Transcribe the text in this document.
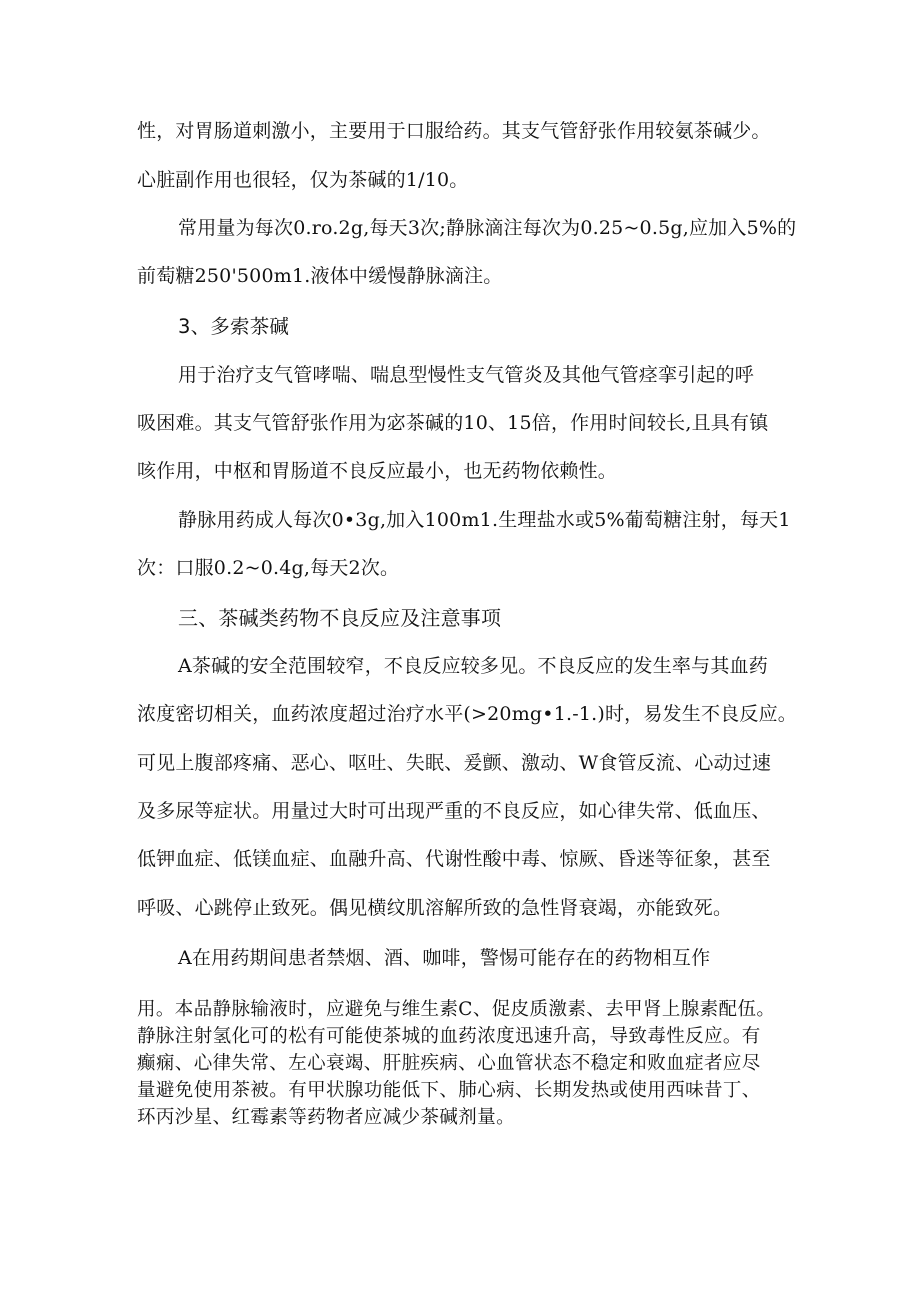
性，对胃肠道刺激小，主要用于口服给药。其支气管舒张作用较氨茶碱少。
心脏副作用也很轻，仅为茶碱的1/10。
常用量为每次0.ro.2g,每天3次;静脉滴注每次为0.25~0.5g,应加入5%的
前萄糖250'500m1.液体中缓慢静脉滴注。
3、多索茶碱
用于治疗支气管哮喘、喘息型慢性支气管炎及其他气管痉挛引起的呼
吸困难。其支气管舒张作用为宓茶碱的10、15倍，作用时间较长,且具有镇
咳作用，中枢和胃肠道不良反应最小，也无药物依赖性。
静脉用药成人每次0•3g,加入100m1.生理盐水或5%葡萄糖注射，每天1
次：口服0.2~0.4g,每天2次。
三、茶碱类药物不良反应及注意事项
A茶碱的安全范围较窄，不良反应较多见。不良反应的发生率与其血药
浓度密切相关，血药浓度超过治疗水平(>20mg•1.-1.)时，易发生不良反应。
可见上腹部疼痛、恶心、呕吐、失眠、爰颤、激动、W食管反流、心动过速
及多尿等症状。用量过大时可出现严重的不良反应，如心律失常、低血压、
低钾血症、低镁血症、血融升高、代谢性酸中毒、惊厥、昏迷等征象，甚至
呼吸、心跳停止致死。偶见横纹肌溶解所致的急性肾衰竭，亦能致死。
A在用药期间患者禁烟、酒、咖啡，警惕可能存在的药物相互作
用。本品静脉输液时，应避免与维生素C、促皮质激素、去甲肾上腺素配伍。
静脉注射氢化可的松有可能使茶城的血药浓度迅速升高，导致毒性反应。有
癫痫、心律失常、左心衰竭、肝脏疾病、心血管状态不稳定和败血症者应尽
量避免使用茶被。有甲状腺功能低下、肺心病、长期发热或使用西味昔丁、
环丙沙星、红霉素等药物者应减少茶碱剂量。
